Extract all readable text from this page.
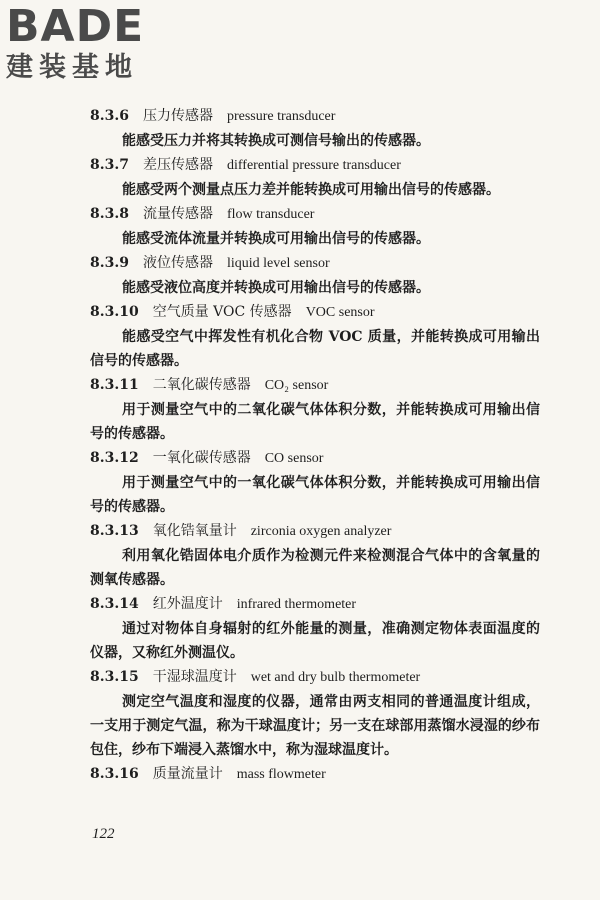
BADE
建装基地
8.3.6 压力传感器 pressure transducer
能感受压力并将其转换成可测信号输出的传感器。
8.3.7 差压传感器 differential pressure transducer
能感受两个测量点压力差并能转换成可用输出信号的传感器。
8.3.8 流量传感器 flow transducer
能感受流体流量并转换成可用输出信号的传感器。
8.3.9 液位传感器 liquid level sensor
能感受液位高度并转换成可用输出信号的传感器。
8.3.10 空气质量 VOC 传感器 VOC sensor
能感受空气中挥发性有机化合物 VOC 质量，并能转换成可用输出信号的传感器。
8.3.11 二氧化碳传感器 CO₂ sensor
用于测量空气中的二氧化碳气体体积分数，并能转换成可用输出信号的传感器。
8.3.12 一氧化碳传感器 CO sensor
用于测量空气中的一氧化碳气体体积分数，并能转换成可用输出信号的传感器。
8.3.13 氧化锆氧量计 zirconia oxygen analyzer
利用氧化锆固体电介质作为检测元件来检测混合气体中的含氧量的测氧传感器。
8.3.14 红外温度计 infrared thermometer
通过对物体自身辐射的红外能量的测量，准确测定物体表面温度的仪器，又称红外测温仪。
8.3.15 干湿球温度计 wet and dry bulb thermometer
测定空气温度和湿度的仪器，通常由两支相同的普通温度计组成，一支用于测定气温，称为干球温度计；另一支在球部用蒸馏水浸湿的纱布包住，纱布下端浸入蒸馏水中，称为湿球温度计。
8.3.16 质量流量计 mass flowmeter
122
